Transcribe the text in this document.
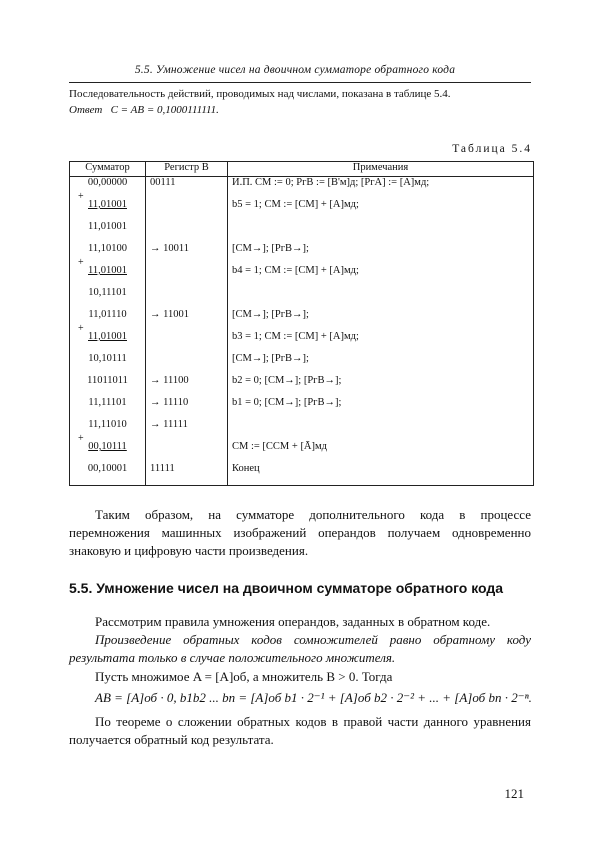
5.5. Умножение чисел на двоичном сумматоре обратного кода
Последовательность действий, проводимых над числами, показана в таблице 5.4.
Ответ C = AB = 0,1000111111.
Таблица 5.4
Сумматор	Регистр B	Примечания
00,00000	00111	И.П. СМ := 0; РгB := [B'м]д; [РгА] := [A]мд;

+
11,01001		b5 = 1; СМ := [СМ] + [A]мд;
11,01001		
11,10100	→ 10011	[СМ→]; [РгB→];

+
11,01001		b4 = 1; СМ := [СМ] + [A]мд;
10,11101		
11,01110	→ 11001	[СМ→]; [РгB→];

+
11,01001		b3 = 1; СМ := [СМ] + [A]мд;
10,10111		[СМ→]; [РгB→];
11011011	→ 11100	b2 = 0; [СМ→]; [РгB→];
11,11101	→ 11110	b1 = 0; [СМ→]; [РгB→];
11,11010	→ 11111	

+
00,10111		СМ := [ССМ + [Ā]мд
00,10001	11111	Конец
Таким образом, на сумматоре дополнительного кода в процессе перемножения машинных изображений операндов получаем одновременно знаковую и цифровую части произведения.
5.5. Умножение чисел на двоичном сумматоре обратного кода
Рассмотрим правила умножения операндов, заданных в обратном коде.
Произведение обратных кодов сомножителей равно обратному коду результата только в случае положительного множителя.
Пусть множимое A = [A]об, а множитель B > 0. Тогда
AB = [A]об · 0, b1b2 ... bn = [A]об b1 · 2⁻¹ + [A]об b2 · 2⁻² + ... + [A]об bn · 2⁻ⁿ.
По теореме о сложении обратных кодов в правой части данного уравнения получается обратный код результата.
121
